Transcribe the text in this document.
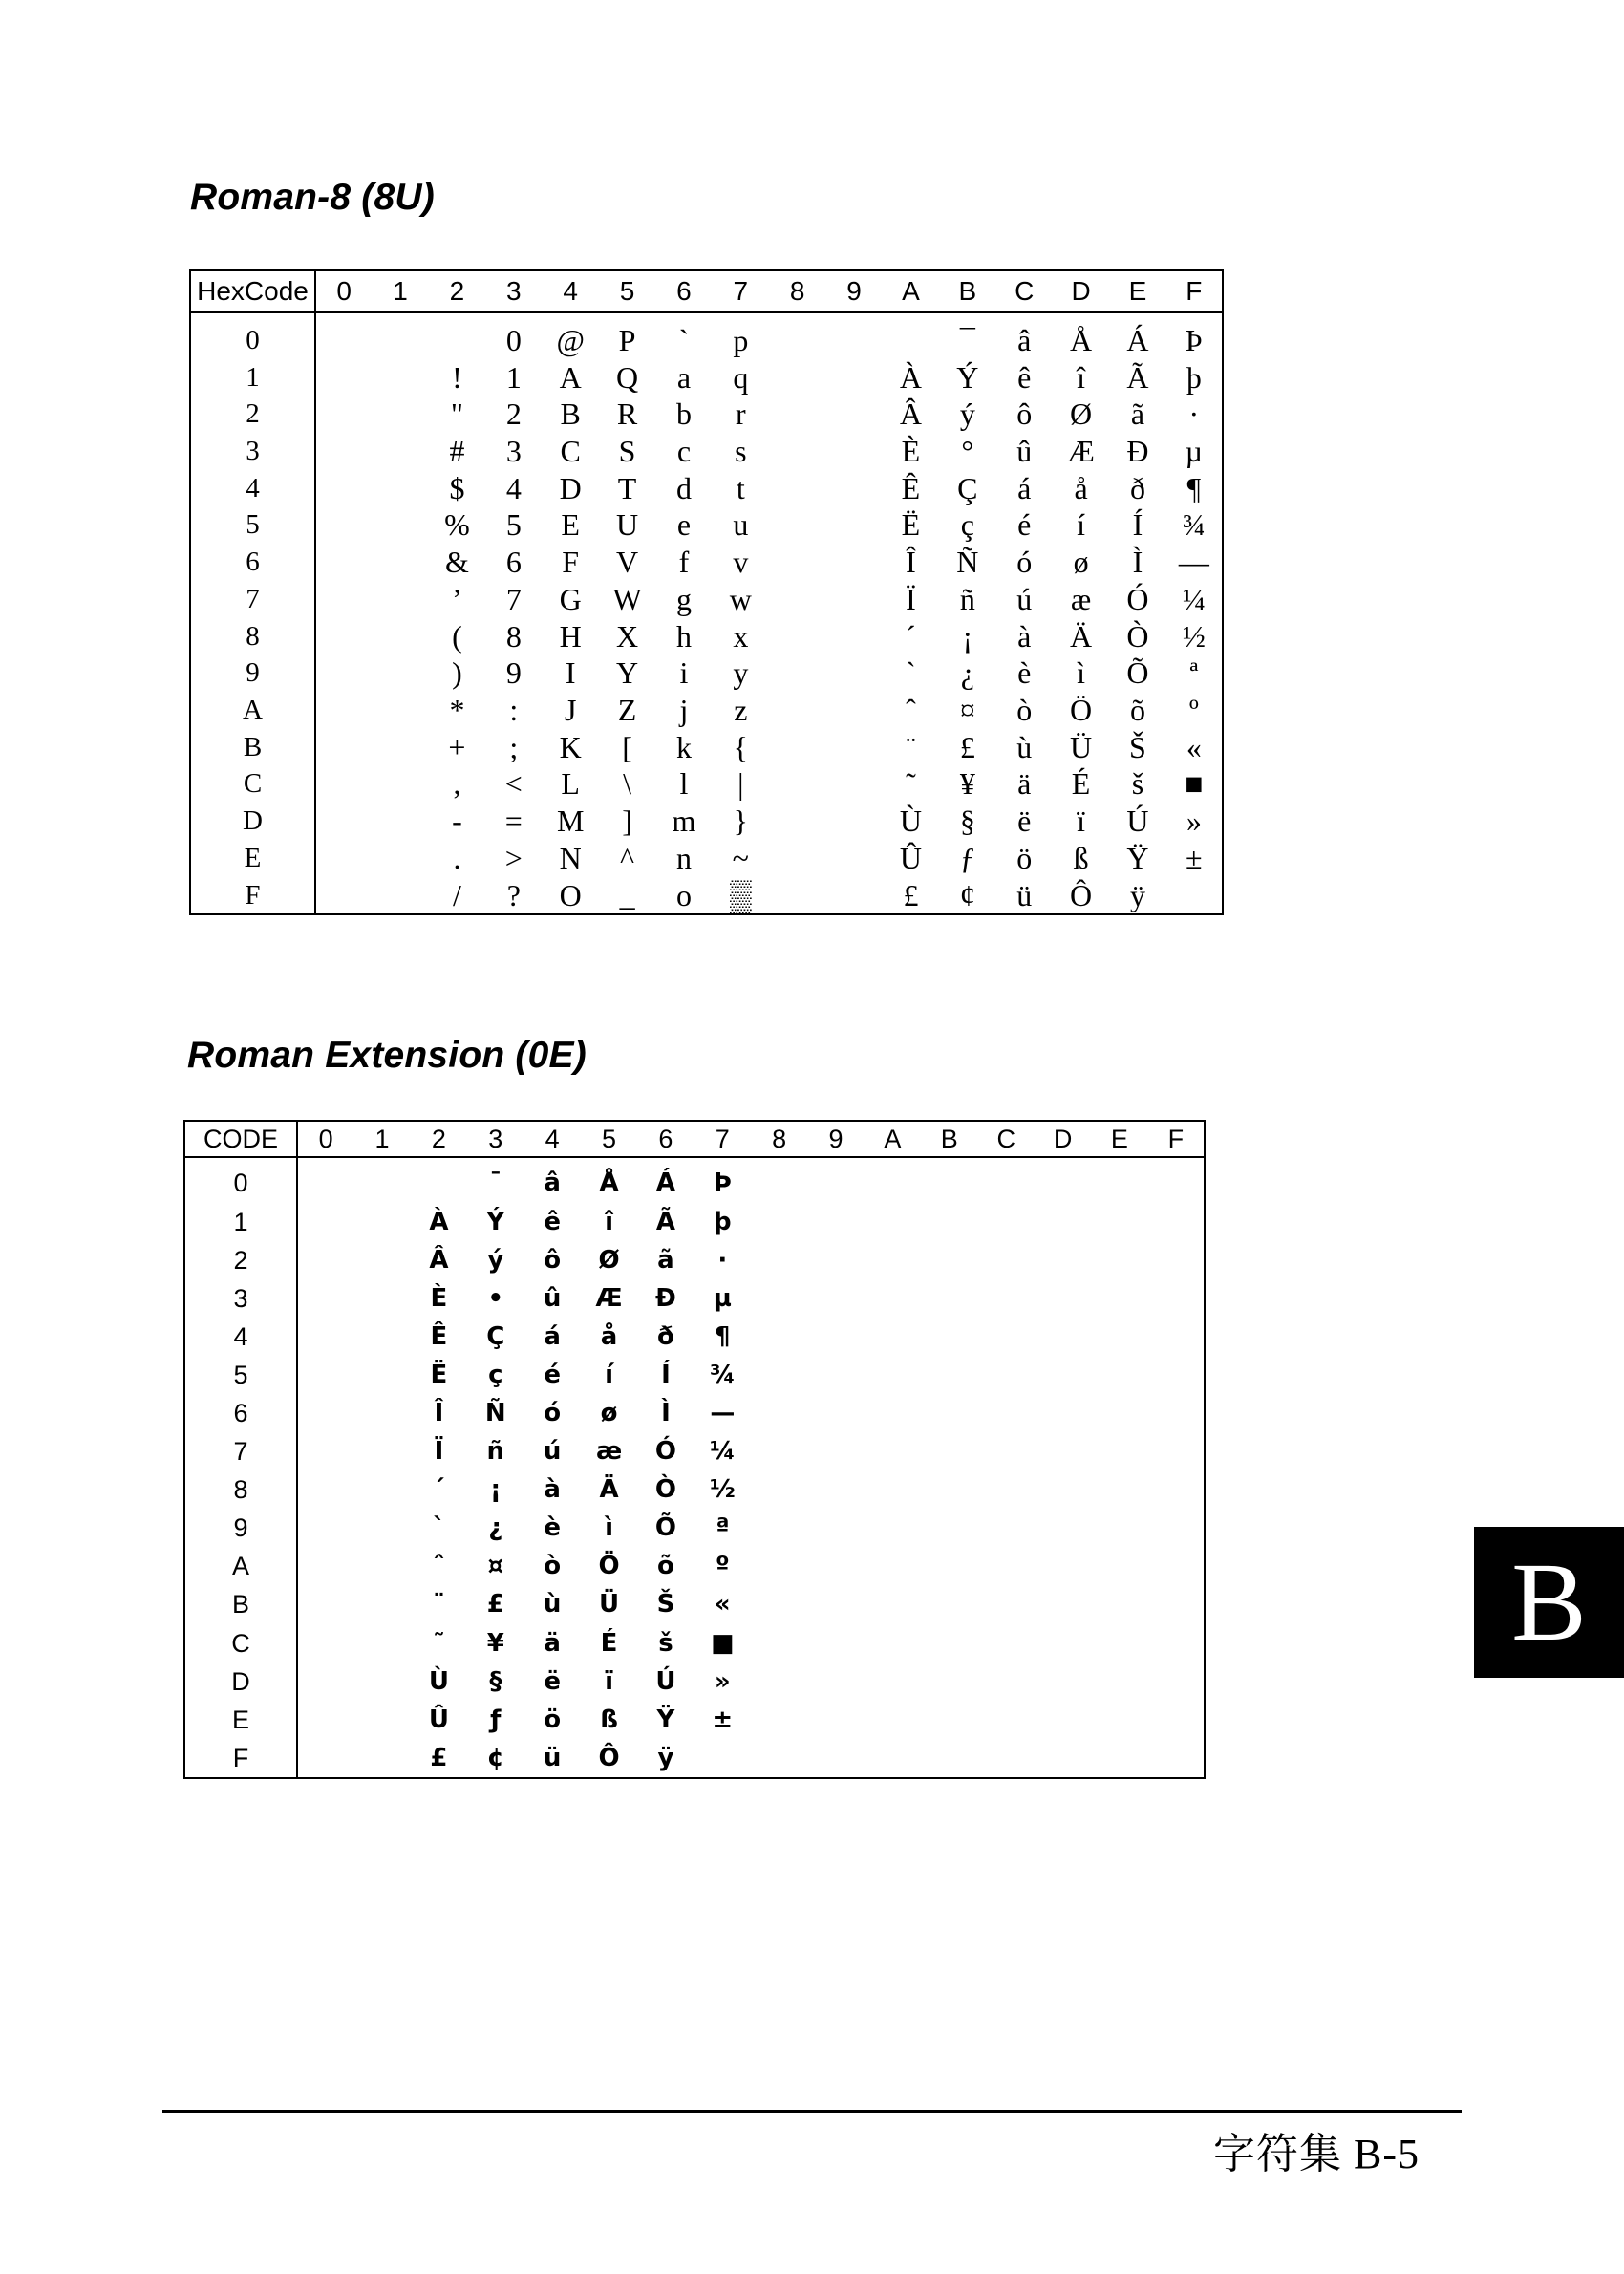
Roman-8 (8U)
HexCode	0	1	2	3	4	5	6	7	8	9	A	B	C	D	E	F
0				0	@	P	`	p				¯	â	Å	Á	Þ
1			!	1	A	Q	a	q			À	Ý	ê	î	Ã	þ
2			"	2	B	R	b	r			Â	ý	ô	Ø	ã	·
3			#	3	C	S	c	s			È	°	û	Æ	Đ	µ
4			$	4	D	T	d	t			Ê	Ç	á	å	ð	¶
5			%	5	E	U	e	u			Ë	ç	é	í	Í	¾
6			&	6	F	V	f	v			Î	Ñ	ó	ø	Ì	—
7			’	7	G	W	g	w			Ï	ñ	ú	æ	Ó	¼
8			(	8	H	X	h	x			´	¡	à	Ä	Ò	½
9			)	9	I	Y	i	y			`	¿	è	ì	Õ	ª
A			*	:	J	Z	j	z			ˆ	¤	ò	Ö	õ	º
B			+	;	K	[	k	{			¨	£	ù	Ü	Š	«
C			,	<	L	\	l	|			˜	¥	ä	É	š	■
D			-	=	M	]	m	}			Ù	§	ë	ï	Ú	»
E			.	>	N	^	n	~			Û	ƒ	ö	ß	Ÿ	±
F			/	?	O	_	o	▒			£	¢	ü	Ô	ÿ	
Roman Extension (0E)
CODE	0	1	2	3	4	5	6	7	8	9	A	B	C	D	E	F
0				¯	â	Å	Á	Þ								
1			À	Ý	ê	î	Ã	þ								
2			Â	ý	ô	Ø	ã	·								
3			È	•	û	Æ	Đ	µ								
4			Ê	Ç	á	å	ð	¶								
5			Ë	ç	é	í	Í	¾								
6			Î	Ñ	ó	ø	Ì	—								
7			Ï	ñ	ú	æ	Ó	¼								
8			´	¡	à	Ä	Ò	½								
9			`	¿	è	ì	Õ	ª								
A			ˆ	¤	ò	Ö	õ	º								
B			¨	£	ù	Ü	Š	«								
C			˜	¥	ä	É	š	■								
D			Ù	§	ë	ï	Ú	»								
E			Û	ƒ	ö	ß	Ÿ	±								
F			£	¢	ü	Ô	ÿ									
B
字符集 B-5
